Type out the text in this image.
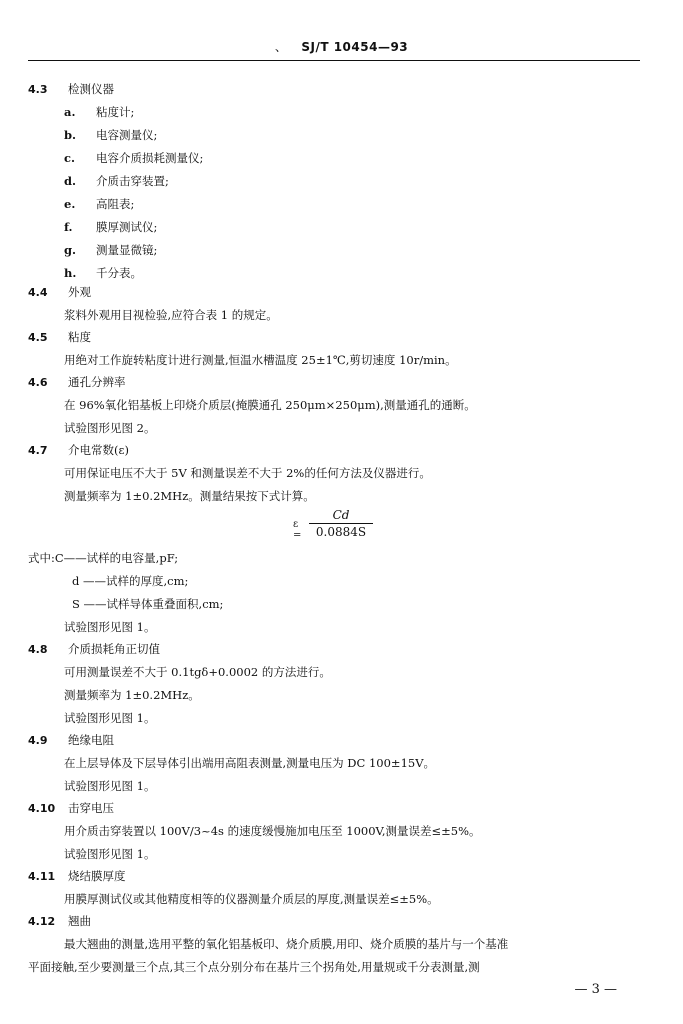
、 SJ/T 10454—93
4.3 检测仪器
a. 粘度计;
b. 电容测量仪;
c. 电容介质损耗测量仪;
d. 介质击穿装置;
e. 高阻表;
f. 膜厚测试仪;
g. 测量显微镜;
h. 千分表。
4.4 外观
浆料外观用目视检验,应符合表 1 的规定。
4.5 粘度
用绝对工作旋转粘度计进行测量,恒温水槽温度 25±1℃,剪切速度 10r/min。
4.6 通孔分辨率
在 96%氧化铝基板上印烧介质层(掩膜通孔 250μm×250μm),测量通孔的通断。
试验图形见图 2。
4.7 介电常数(ε)
可用保证电压不大于 5V 和测量误差不大于 2%的任何方法及仪器进行。
测量频率为 1±0.2MHz。测量结果按下式计算。
ε =
Cd
0.0884S
式中:C——试样的电容量,pF;
d ——试样的厚度,cm;
S ——试样导体重叠面积,cm;
试验图形见图 1。
4.8 介质损耗角正切值
可用测量误差不大于 0.1tgδ+0.0002 的方法进行。
测量频率为 1±0.2MHz。
试验图形见图 1。
4.9 绝缘电阻
在上层导体及下层导体引出端用高阻表测量,测量电压为 DC 100±15V。
试验图形见图 1。
4.10 击穿电压
用介质击穿装置以 100V/3~4s 的速度缓慢施加电压至 1000V,测量误差≤±5%。
试验图形见图 1。
4.11 烧结膜厚度
用膜厚测试仪或其他精度相等的仪器测量介质层的厚度,测量误差≤±5%。
4.12 翘曲
最大翘曲的测量,选用平整的氧化铝基板印、烧介质膜,用印、烧介质膜的基片与一个基准
平面接触,至少要测量三个点,其三个点分别分布在基片三个拐角处,用量规或千分表测量,测
— 3 —
